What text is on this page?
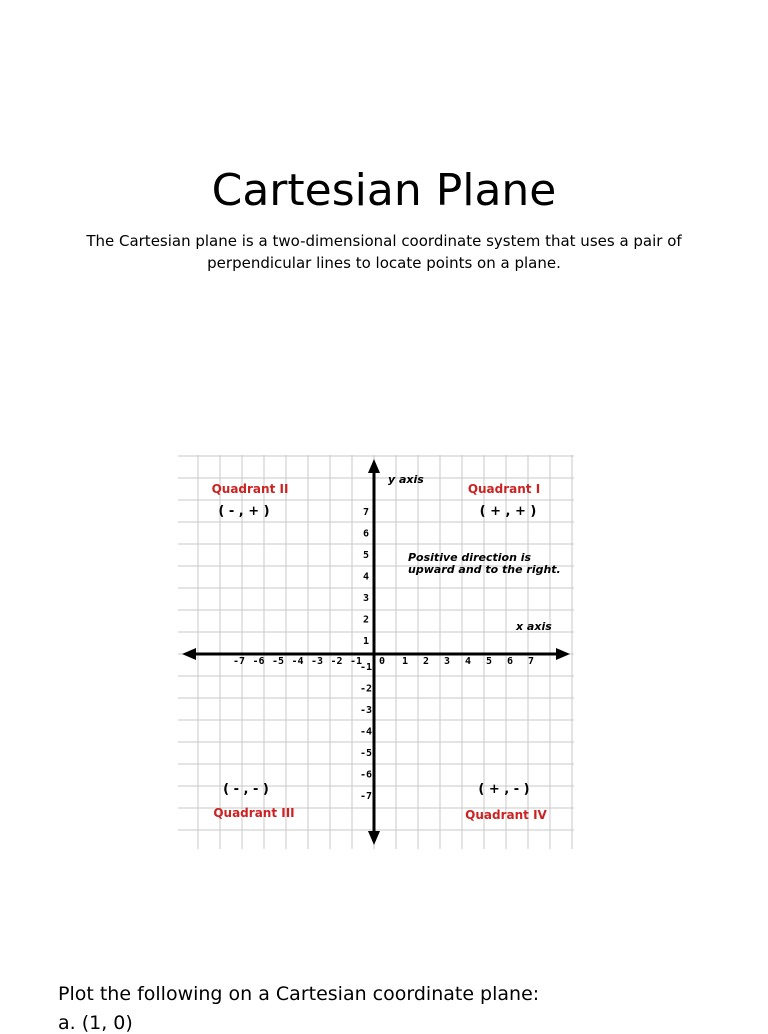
Cartesian Plane
The Cartesian plane is a two-dimensional coordinate system that uses a pair of perpendicular lines to locate points on a plane.
-7 -6 -5 -4 -3 -2 -1 0 1 2 3 4 5 6 7
7
6
5
4
3
2
1
-1
-2
-3
-4
-5
-6
-7
y axis
x axis
Positive direction is
upward and to the right.
Quadrant II
( - , + )
Quadrant I
( + , + )
Quadrant III
( - , - )
Quadrant IV
( + , - )
Plot the following on a Cartesian coordinate plane:
a. (1, 0)
